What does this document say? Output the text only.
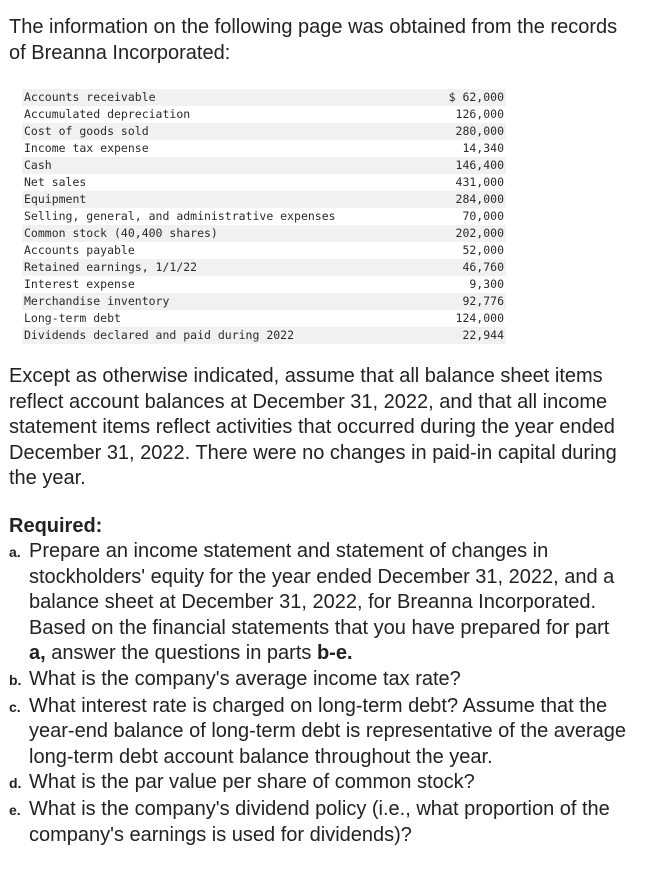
The information on the following page was obtained from the records of Breanna Incorporated:

Accounts receivable	$ 62,000
Accumulated depreciation	126,000
Cost of goods sold	280,000
Income tax expense	14,340
Cash	146,400
Net sales	431,000
Equipment	284,000
Selling, general, and administrative expenses	70,000
Common stock (40,400 shares)	202,000
Accounts payable	52,000
Retained earnings, 1/1/22	46,760
Interest expense	9,300
Merchandise inventory	92,776
Long-term debt	124,000
Dividends declared and paid during 2022	22,944

Except as otherwise indicated, assume that all balance sheet items reflect account balances at December 31, 2022, and that all income statement items reflect activities that occurred during the year ended December 31, 2022. There were no changes in paid-in capital during the year.

Required:

a. Prepare an income statement and statement of changes in stockholders' equity for the year ended December 31, 2022, and a balance sheet at December 31, 2022, for Breanna Incorporated. Based on the financial statements that you have prepared for part a, answer the questions in parts b-e.
b. What is the company's average income tax rate?
c. What interest rate is charged on long-term debt? Assume that the year-end balance of long-term debt is representative of the average long-term debt account balance throughout the year.
d. What is the par value per share of common stock?
e. What is the company's dividend policy (i.e., what proportion of the company's earnings is used for dividends)?
